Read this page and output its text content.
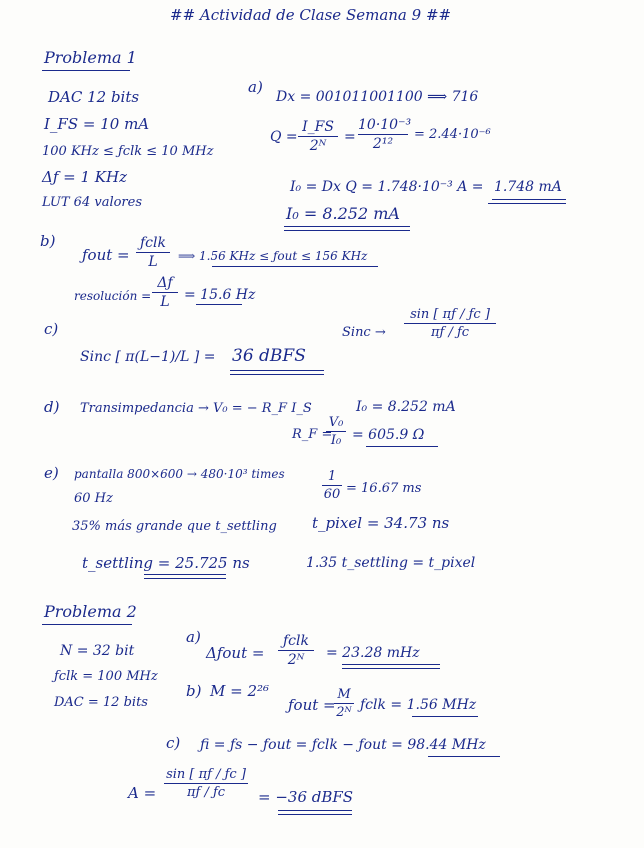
## Actividad de Clase Semana 9 ##
Problema 1
DAC 12 bits
I_FS = 10 mA
100 KHz ≤ ƒclk ≤ 10 MHz
Δƒ = 1 KHz
LUT 64 valores
a)
Dx = 001011001100 ⟹ 716
Q =
I_FS
2ᴺ
=
10·10⁻³
2¹²
= 2.44·10⁻⁶
I₀ = Dx Q = 1.748·10⁻³ A = 1.748 mA
I₀ = 8.252 mA
b)
ƒout =
ƒclk
L	⟹ 1.56 KHz ≤ ƒout ≤ 156 KHz
resolución =
Δƒ
L	= 15.6 Hz
c)	Sinc →
sin [ πƒ / ƒc ]
πƒ / ƒc
Sinc [ π(L−1)/L ] = 36 dBFS
d) Transimpedancia → V₀ = − R_F I_S	I₀ = 8.252 mA
R_F =
V₀
I₀ = 605.9 Ω
e) pantalla 800×600 → 480·10³ times
60 Hz
1
60 = 16.67 ms
35% más grande que t_settling t_pixel = 34.73 ns
t_settling = 25.725 ns	1.35 t_settling = t_pixel
Problema 2
N = 32 bit
ƒclk = 100 MHz
DAC = 12 bits
a)
Δƒout =
ƒclk
2ᴺ	= 23.28 mHz
b) M = 2²⁶
ƒout =
M
2ᴺ ƒclk = 1.56 MHz
c) ƒi = ƒs − ƒout = ƒclk − ƒout = 98.44 MHz
A =
sin [ πƒ / ƒc ]
πƒ / ƒc	= −36 dBFS
